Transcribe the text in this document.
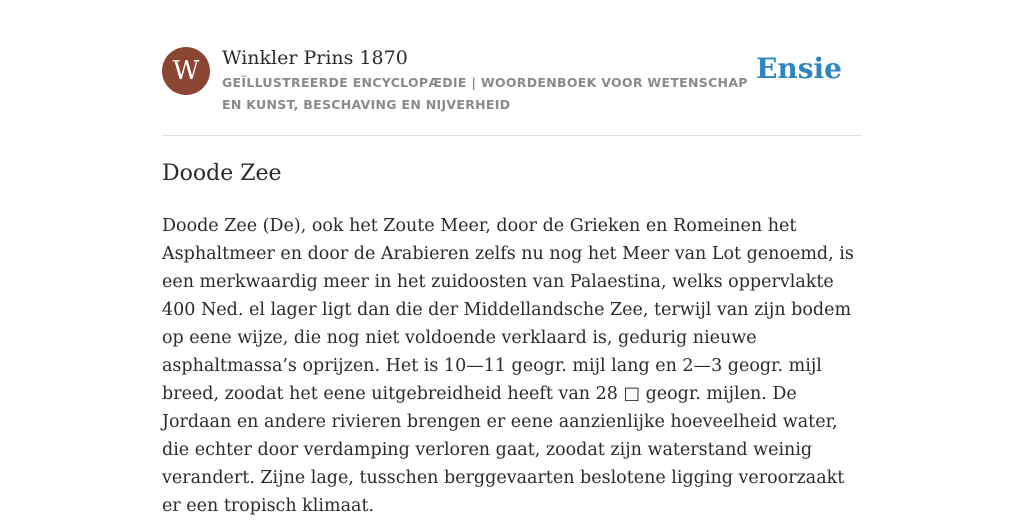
W	Winkler Prins 1870
GEÏLLUSTREERDE ENCYCLOPÆDIE | WOORDENBOEK VOOR WETENSCHAP EN KUNST, BESCHAVING EN NIJVERHEID
Ensie
Doode Zee

Doode Zee (De), ook het Zoute Meer, door de Grieken en Romeinen het Asphaltmeer en door de Arabieren zelfs nu nog het Meer van Lot genoemd, is een merkwaardig meer in het zuidoosten van Palaestina, welks oppervlakte 400 Ned. el lager ligt dan die der Middellandsche Zee, terwijl van zijn bodem op eene wijze, die nog niet voldoende verklaard is, gedurig nieuwe asphaltmassa’s oprijzen. Het is 10—11 geogr. mijl lang en 2—3 geogr. mijl breed, zoodat het eene uitgebreidheid heeft van 28 □ geogr. mijlen. De Jordaan en andere rivieren brengen er eene aanzienlijke hoeveelheid water, die echter door verdamping verloren gaat, zoodat zijn waterstand weinig verandert. Zijne lage, tusschen berggevaarten beslotene ligging veroorzaakt er een tropisch klimaat.
